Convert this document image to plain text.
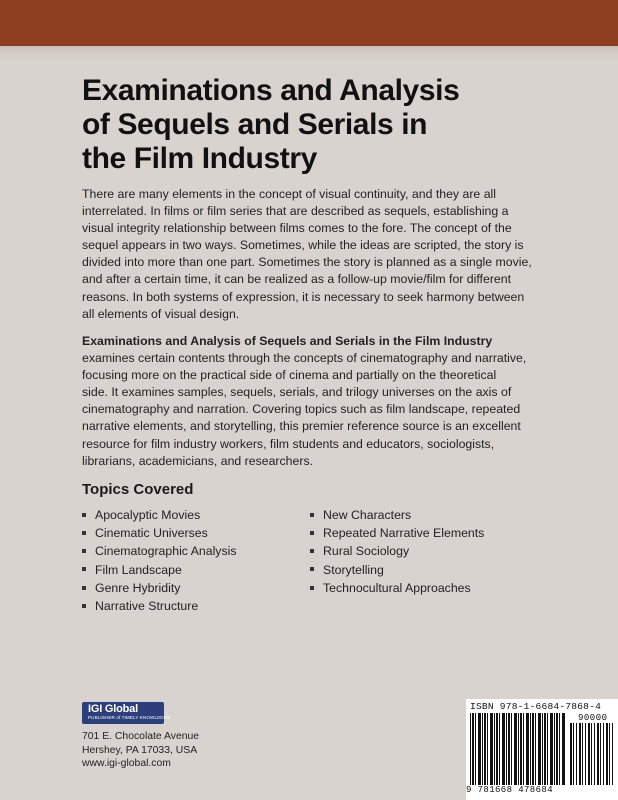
Examinations and Analysis
of Sequels and Serials in
the Film Industry
There are many elements in the concept of visual continuity, and they are all
interrelated. In films or film series that are described as sequels, establishing a
visual integrity relationship between films comes to the fore. The concept of the
sequel appears in two ways. Sometimes, while the ideas are scripted, the story is
divided into more than one part. Sometimes the story is planned as a single movie,
and after a certain time, it can be realized as a follow-up movie/film for different
reasons. In both systems of expression, it is necessary to seek harmony between
all elements of visual design.
Examinations and Analysis of Sequels and Serials in the Film Industry
examines certain contents through the concepts of cinematography and narrative,
focusing more on the practical side of cinema and partially on the theoretical
side. It examines samples, sequels, serials, and trilogy universes on the axis of
cinematography and narration. Covering topics such as film landscape, repeated
narrative elements, and storytelling, this premier reference source is an excellent
resource for film industry workers, film students and educators, sociologists,
librarians, academicians, and researchers.
Topics Covered
Apocalyptic Movies
Cinematic Universes
Cinematographic Analysis
Film Landscape
Genre Hybridity
Narrative Structure
New Characters
Repeated Narrative Elements
Rural Sociology
Storytelling
Technocultural Approaches
IGI Global
PUBLISHER of TIMELY KNOWLEDGE
701 E. Chocolate Avenue
Hershey, PA 17033, USA
www.igi-global.com
ISBN 978-1-6684-7868-4
90000
9 781668 478684
